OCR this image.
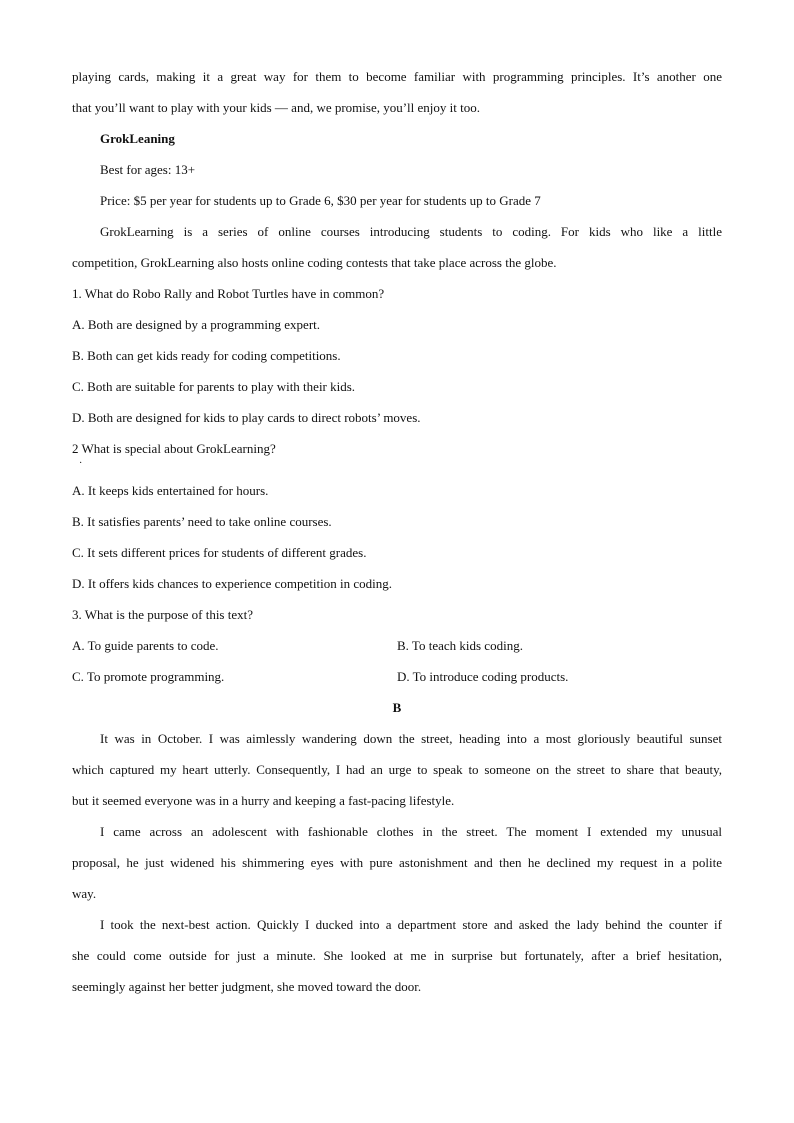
playing cards, making it a great way for them to become familiar with programming principles. It’s another one
that you’ll want to play with your kids — and, we promise, you’ll enjoy it too.
GrokLeaning
Best for ages: 13+
Price: $5 per year for students up to Grade 6, $30 per year for students up to Grade 7
GrokLearning is a series of online courses introducing students to coding. For kids who like a little
competition, GrokLearning also hosts online coding contests that take place across the globe.
1. What do Robo Rally and Robot Turtles have in common?
A. Both are designed by a programming expert.
B. Both can get kids ready for coding competitions.
C. Both are suitable for parents to play with their kids.
D. Both are designed for kids to play cards to direct robots’ moves.
2 What is special about GrokLearning?
·
A. It keeps kids entertained for hours.
B. It satisfies parents’ need to take online courses.
C. It sets different prices for students of different grades.
D. It offers kids chances to experience competition in coding.
3. What is the purpose of this text?
A. To guide parents to code.	B. To teach kids coding.
C. To promote programming.	D. To introduce coding products.
B
It was in October. I was aimlessly wandering down the street, heading into a most gloriously beautiful sunset
which captured my heart utterly. Consequently, I had an urge to speak to someone on the street to share that beauty,
but it seemed everyone was in a hurry and keeping a fast-pacing lifestyle.
I came across an adolescent with fashionable clothes in the street. The moment I extended my unusual
proposal, he just widened his shimmering eyes with pure astonishment and then he declined my request in a polite
way.
I took the next-best action. Quickly I ducked into a department store and asked the lady behind the counter if
she could come outside for just a minute. She looked at me in surprise but fortunately, after a brief hesitation,
seemingly against her better judgment, she moved toward the door.
